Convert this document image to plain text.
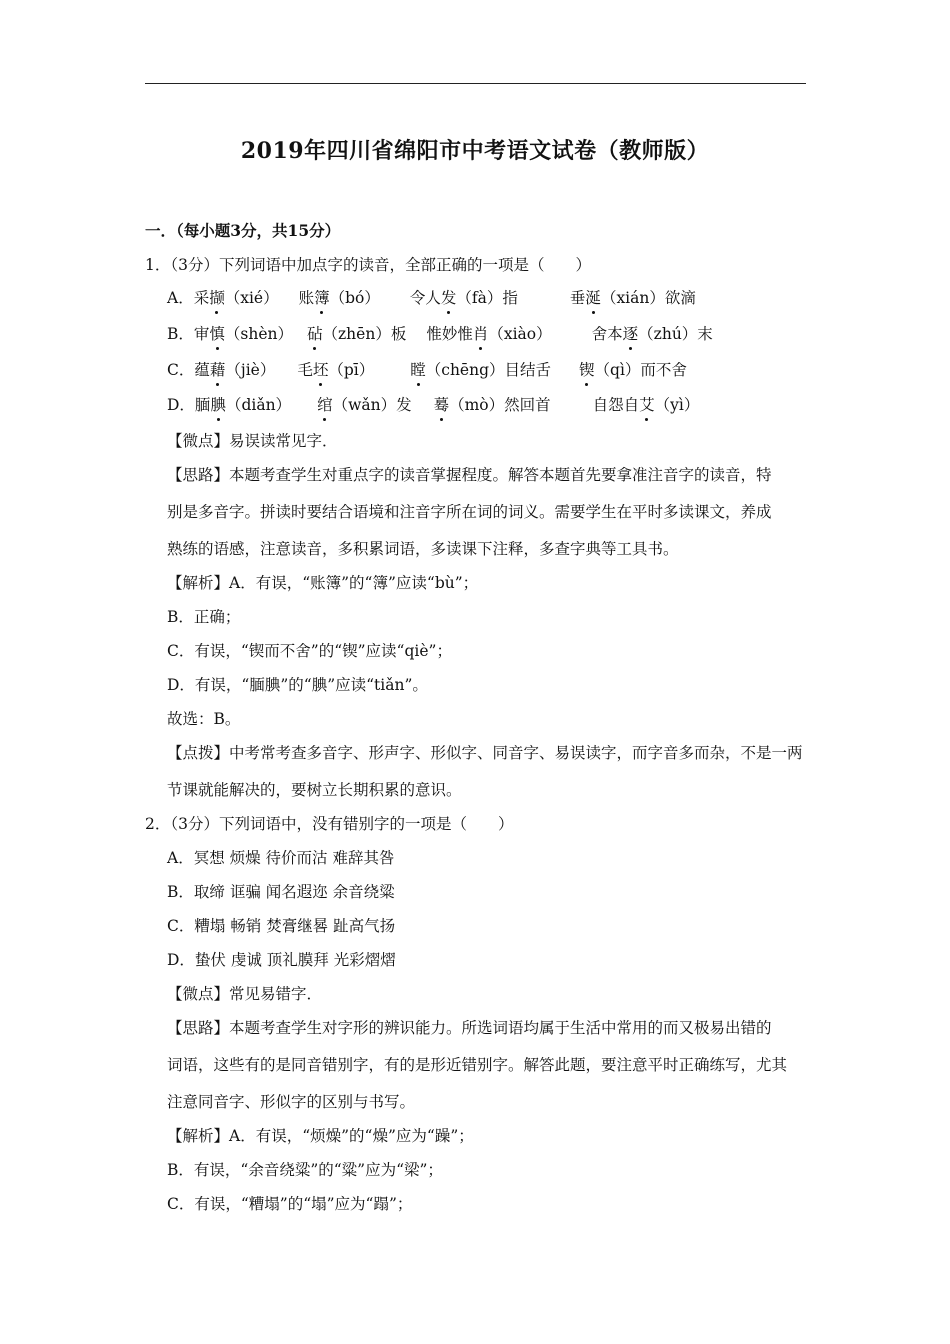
2019年四川省绵阳市中考语文试卷（教师版）
一．（每小题3分，共15分）
1．（3分）下列词语中加点字的读音，全部正确的一项是（　　）
A．采撷（xié） 账簿（bó） 令人发（fà）指	垂涎（xián）欲滴
B．审慎（shèn） 砧（zhēn）板 惟妙惟肖（xiào）	舍本逐（zhú）末
C．蕴藉（jiè） 毛坯（pī） 瞠（chēng）目结舌 锲（qì）而不舍
D．腼腆（diǎn） 绾（wǎn）发 蓦（mò）然回首	自怨自艾（yì）
【微点】易误读常见字．
【思路】本题考查学生对重点字的读音掌握程度。解答本题首先要拿准注音字的读音，特
别是多音字。拼读时要结合语境和注音字所在词的词义。需要学生在平时多读课文，养成
熟练的语感，注意读音，多积累词语，多读课下注释，多查字典等工具书。
【解析】A．有误，“账簿”的“簿”应读“bù”；
B．正确；
C．有误，“锲而不舍”的“锲”应读“qiè”；
D．有误，“腼腆”的“腆”应读“tiǎn”。
故选：B。
【点拨】中考常考查多音字、形声字、形似字、同音字、易误读字，而字音多而杂，不是一两
节课就能解决的，要树立长期积累的意识。
2．（3分）下列词语中，没有错别字的一项是（　　）
A．冥想 烦燥 待价而沽 难辞其咎
B．取缔 诓骗 闻名遐迩 余音绕粱
C．糟塌 畅销 焚膏继晷 趾高气扬
D．蛰伏 虔诚 顶礼膜拜 光彩熠熠
【微点】常见易错字．
【思路】本题考查学生对字形的辨识能力。所选词语均属于生活中常用的而又极易出错的
词语，这些有的是同音错别字，有的是形近错别字。解答此题，要注意平时正确练写，尤其
注意同音字、形似字的区别与书写。
【解析】A．有误，“烦燥”的“燥”应为“躁”；
B．有误，“余音绕粱”的“粱”应为“梁”；
C．有误，“糟塌”的“塌”应为“蹋”；
